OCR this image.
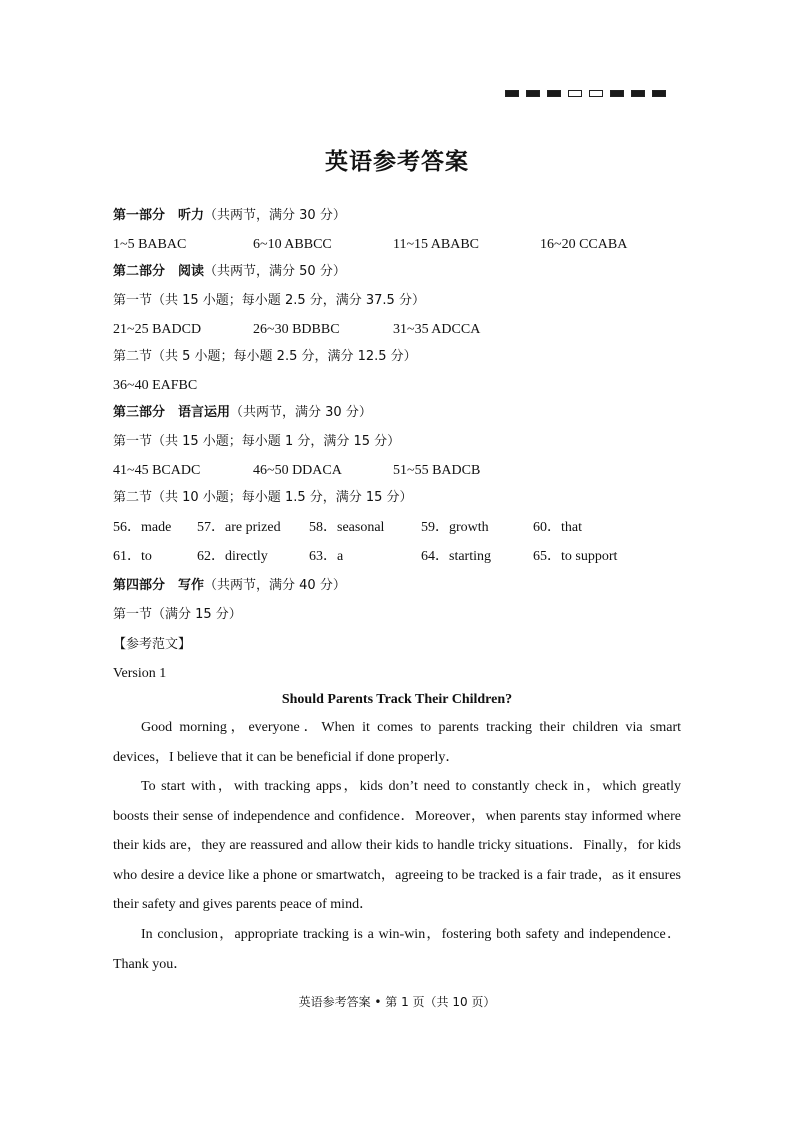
英语参考答案
第一部分　听力（共两节，满分 30 分）
1~5 BABAC	6~10 ABBCC	11~15 ABABC	16~20 CCABA
第二部分　阅读（共两节，满分 50 分）
第一节（共 15 小题；每小题 2.5 分，满分 37.5 分）
21~25 BADCD	26~30 BDBBC	31~35 ADCCA
第二节（共 5 小题；每小题 2.5 分，满分 12.5 分）
36~40 EAFBC
第三部分　语言运用（共两节，满分 30 分）
第一节（共 15 小题；每小题 1 分，满分 15 分）
41~45 BCADC	46~50 DDACA	51~55 BADCB
第二节（共 10 小题；每小题 1.5 分，满分 15 分）
56．made 57．are prized 58．seasonal	59．growth	60．that
61．to	62．directly	63．a	64．starting	65．to support
第四部分　写作（共两节，满分 40 分）
第一节（满分 15 分）
【参考范文】
Version 1
Should Parents Track Their Children?

Good morning，everyone．When it comes to parents tracking their children via smart devices，I believe that it can be beneficial if done properly．

To start with，with tracking apps，kids don’t need to constantly check in，which greatly boosts their sense of independence and confidence．Moreover，when parents stay informed where their kids are，they are reassured and allow their kids to handle tricky situations．Finally，for kids who desire a device like a phone or smartwatch，agreeing to be tracked is a fair trade，as it ensures their safety and gives parents peace of mind．

In conclusion，appropriate tracking is a win-win，fostering both safety and independence．Thank you．

英语参考答案 • 第 1 页（共 10 页）
